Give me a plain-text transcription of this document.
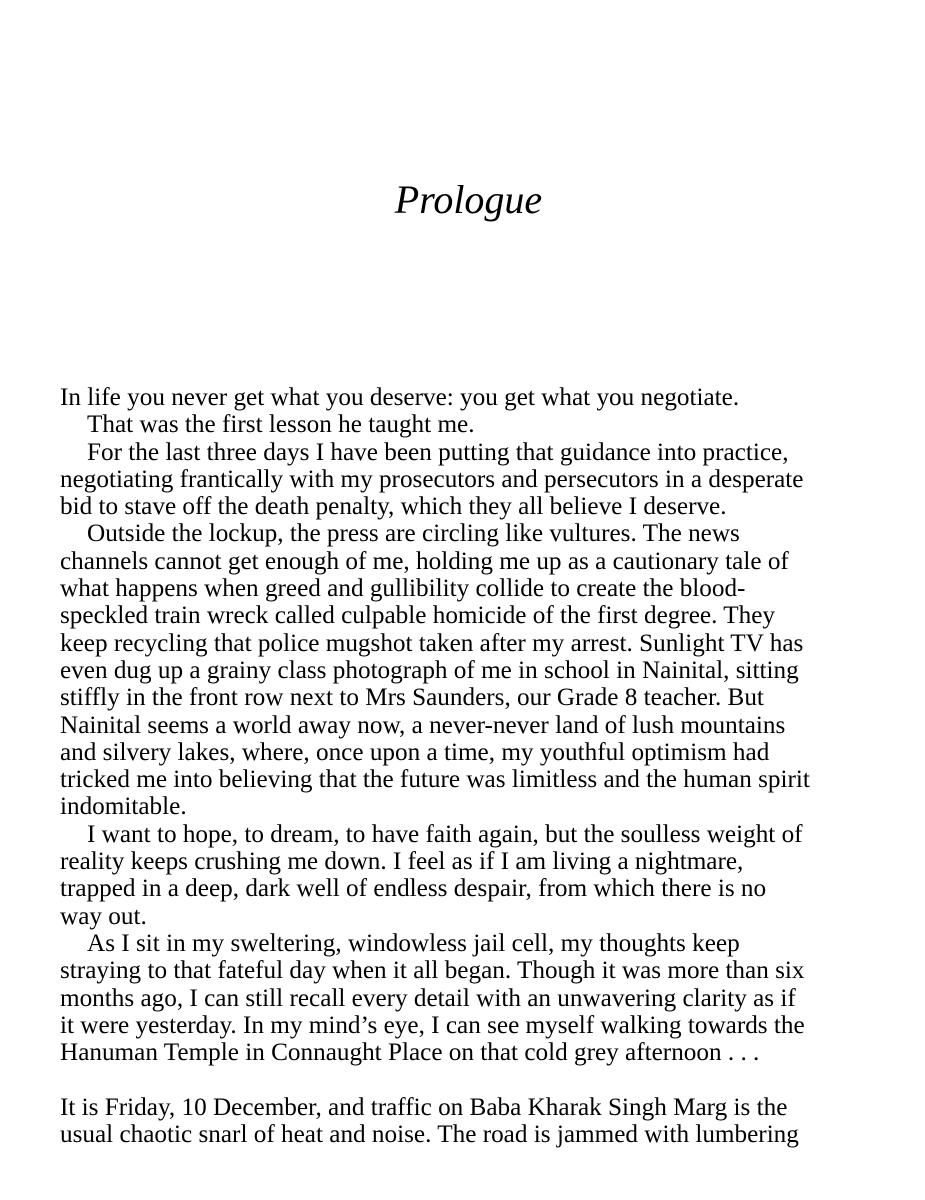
Prologue

In life you never get what you deserve: you get what you negotiate.

That was the first lesson he taught me.

For the last three days I have been putting that guidance into practice,
negotiating frantically with my prosecutors and persecutors in a desperate
bid to stave off the death penalty, which they all believe I deserve.

Outside the lockup, the press are circling like vultures. The news
channels cannot get enough of me, holding me up as a cautionary tale of
what happens when greed and gullibility collide to create the blood-
speckled train wreck called culpable homicide of the first degree. They
keep recycling that police mugshot taken after my arrest. Sunlight TV has
even dug up a grainy class photograph of me in school in Nainital, sitting
stiffly in the front row next to Mrs Saunders, our Grade 8 teacher. But
Nainital seems a world away now, a never-never land of lush mountains
and silvery lakes, where, once upon a time, my youthful optimism had
tricked me into believing that the future was limitless and the human spirit
indomitable.

I want to hope, to dream, to have faith again, but the soulless weight of
reality keeps crushing me down. I feel as if I am living a nightmare,
trapped in a deep, dark well of endless despair, from which there is no
way out.

As I sit in my sweltering, windowless jail cell, my thoughts keep
straying to that fateful day when it all began. Though it was more than six
months ago, I can still recall every detail with an unwavering clarity as if
it were yesterday. In my mind’s eye, I can see myself walking towards the
Hanuman Temple in Connaught Place on that cold grey afternoon . . .

It is Friday, 10 December, and traffic on Baba Kharak Singh Marg is the
usual chaotic snarl of heat and noise. The road is jammed with lumbering
